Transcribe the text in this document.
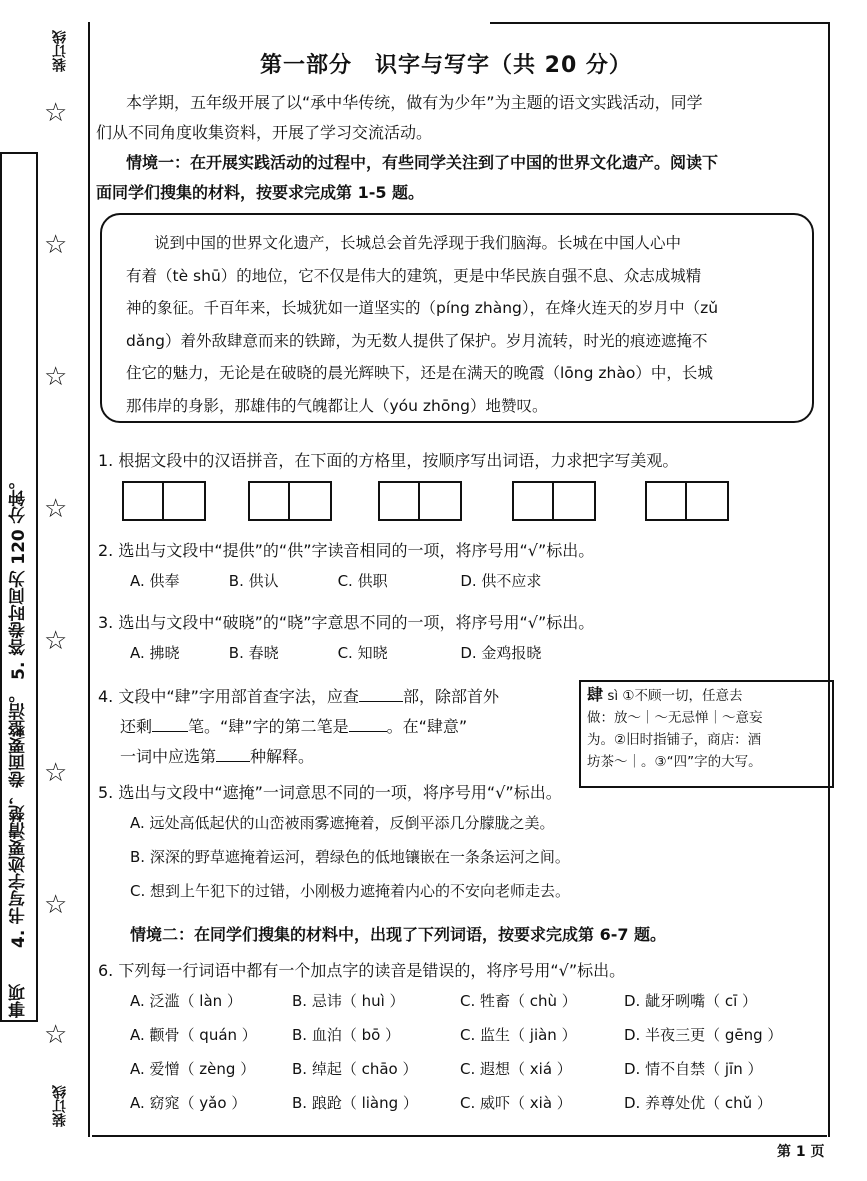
装订线
装订线
☆
☆
☆
☆
☆
☆
☆
☆
事项 4. 书写字迹要清楚，卷面要整洁。 5. 答卷时间为 120 分钟。
第一部分　识字与写字（共 20 分）
本学期，五年级开展了以“承中华传统，做有为少年”为主题的语文实践活动，同学
们从不同角度收集资料，开展了学习交流活动。
情境一：在开展实践活动的过程中，有些同学关注到了中国的世界文化遗产。阅读下
面同学们搜集的材料，按要求完成第 1-5 题。
说到中国的世界文化遗产，长城总会首先浮现于我们脑海。长城在中国人心中
有着（tè shū）的地位，它不仅是伟大的建筑，更是中华民族自强不息、众志成城精
神的象征。千百年来，长城犹如一道坚实的（píng zhàng），在烽火连天的岁月中（zǔ
dǎng）着外敌肆意而来的铁蹄，为无数人提供了保护。岁月流转，时光的痕迹遮掩不
住它的魅力，无论是在破晓的晨光辉映下，还是在满天的晚霞（lōng zhào）中，长城
那伟岸的身影，那雄伟的气魄都让人（yóu zhōng）地赞叹。
1. 根据文段中的汉语拼音，在下面的方格里，按顺序写出词语，力求把字写美观。
2. 选出与文段中“提供”的“供”字读音相同的一项，将序号用“√”标出。
A. 供奉	B. 供认	C. 供职	D. 供不应求
3. 选出与文段中“破晓”的“晓”字意思不同的一项，将序号用“√”标出。
A. 拂晓	B. 春晓	C. 知晓	D. 金鸡报晓
4. 文段中“肆”字用部首查字法，应查	部，除部首外
还剩 笔。“肆”字的第二笔是 。在“肆意”
一词中应选第 种解释。
肆 sì ①不顾一切，任意去
做：放～｜～无忌惮｜～意妄
为。②旧时指铺子，商店：酒
坊茶～｜。③“四”字的大写。
5. 选出与文段中“遮掩”一词意思不同的一项，将序号用“√”标出。
A. 远处高低起伏的山峦被雨雾遮掩着，反倒平添几分朦胧之美。
B. 深深的野草遮掩着运河，碧绿色的低地镶嵌在一条条运河之间。
C. 想到上午犯下的过错，小刚极力遮掩着内心的不安向老师走去。
情境二：在同学们搜集的材料中，出现了下列词语，按要求完成第 6-7 题。
6. 下列每一行词语中都有一个加点字的读音是错误的，将序号用“√”标出。
A. 泛滥（ làn ）	B. 忌讳（ huì ）	C. 牲畜（ chù ）	D. 龇牙咧嘴（ cī ）
A. 颧骨（ quán ） B. 血泊（ bō ）	C. 监生（ jiàn ）	D. 半夜三更（ gēng ）
A. 爱憎（ zèng ） B. 绰起（ chāo ）	C. 遐想（ xiá ）	D. 情不自禁（ jīn ）
A. 窈窕（ yǎo ）	B. 踉跄（ liàng ）	C. 威吓（ xià ）	D. 养尊处优（ chǔ ）
第 1 页
